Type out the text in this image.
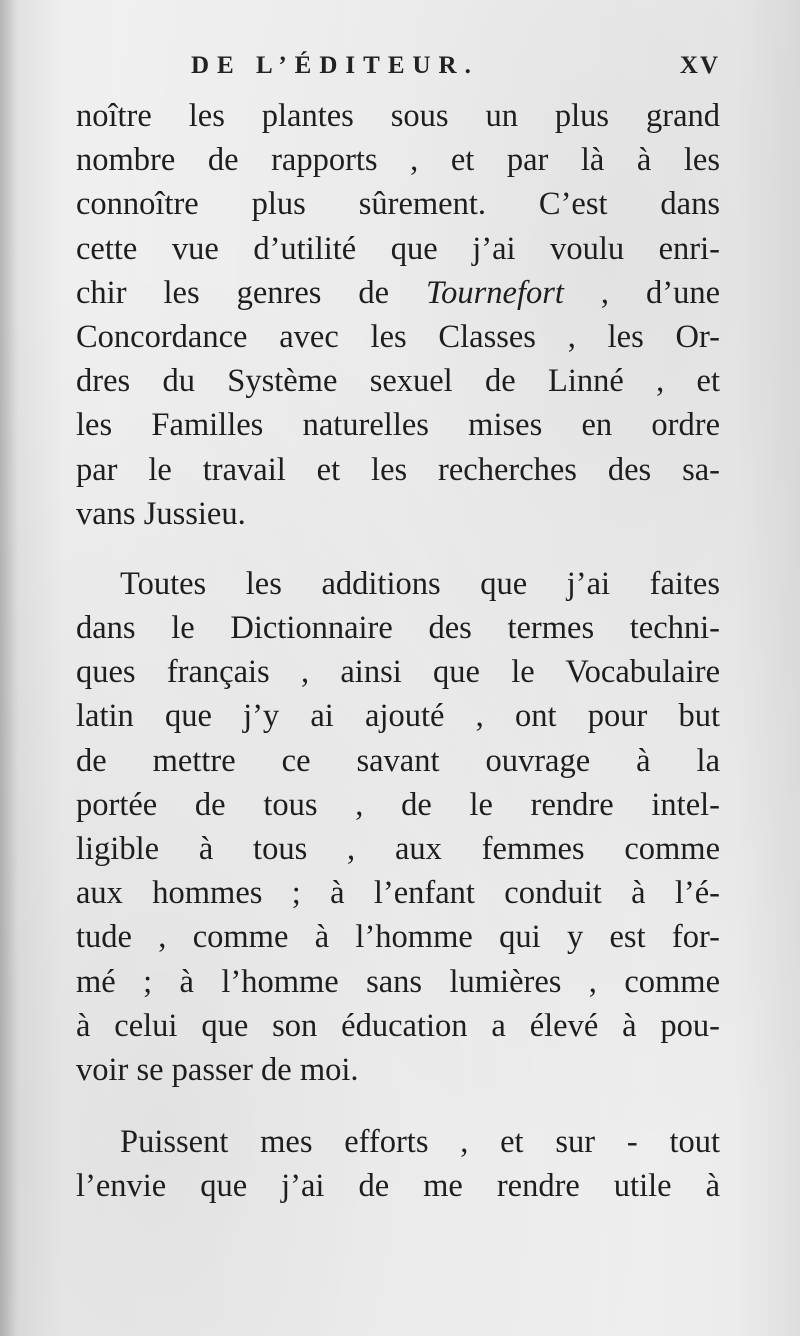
DE L’ÉDITEUR.	XV
noître les plantes sous un plus grand
nombre de rapports , et par là à les
connoître plus sûrement. C’est dans
cette vue d’utilité que j’ai voulu enri-
chir les genres de Tournefort , d’une
Concordance avec les Classes , les Or-
dres du Système sexuel de Linné , et
les Familles naturelles mises en ordre
par le travail et les recherches des sa-
vans Jussieu.
Toutes les additions que j’ai faites
dans le Dictionnaire des termes techni-
ques français , ainsi que le Vocabulaire
latin que j’y ai ajouté , ont pour but
de mettre ce savant ouvrage à la
portée de tous , de le rendre intel-
ligible à tous , aux femmes comme
aux hommes ; à l’enfant conduit à l’é-
tude , comme à l’homme qui y est for-
mé ; à l’homme sans lumières , comme
à celui que son éducation a élevé à pou-
voir se passer de moi.
Puissent mes efforts , et sur - tout
l’envie que j’ai de me rendre utile à
